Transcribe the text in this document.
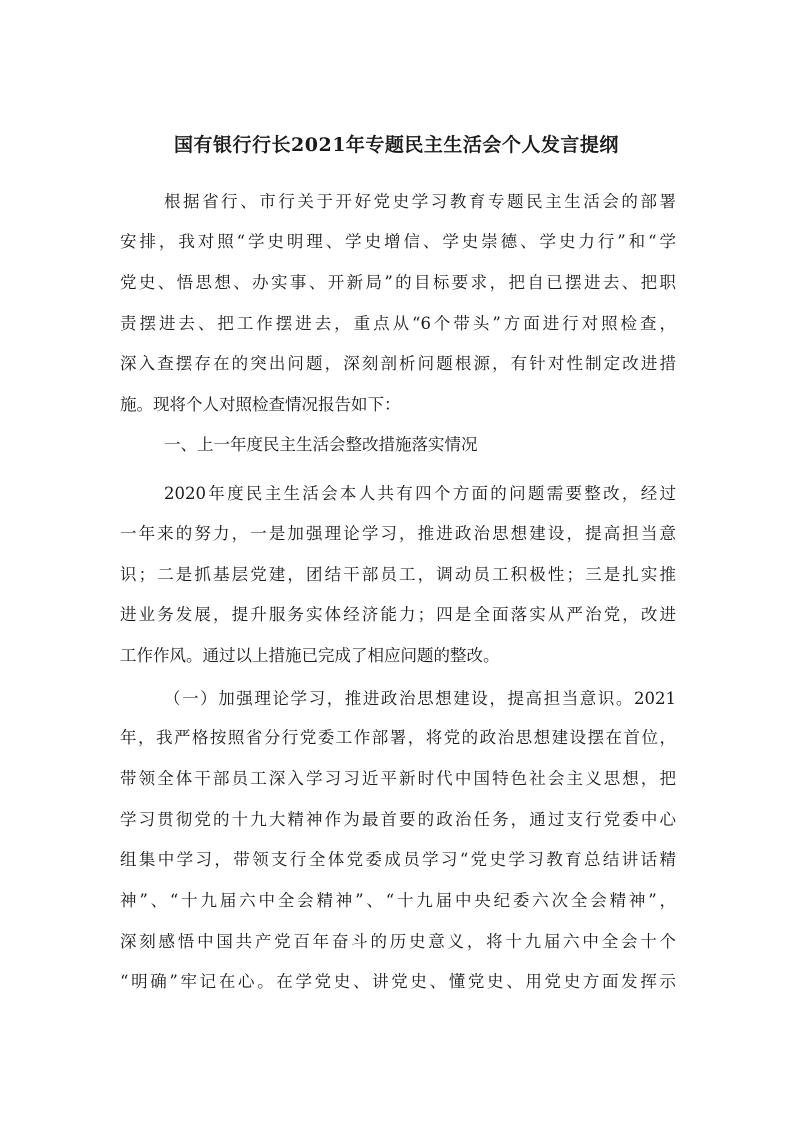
国有银行行长2021年专题民主生活会个人发言提纲
根据省行、市行关于开好党史学习教育专题民主生活会的部署
安排，我对照“学史明理、学史增信、学史崇德、学史力行”和“学
党史、悟思想、办实事、开新局”的目标要求，把自已摆进去、把职
责摆进去、把工作摆进去，重点从“6个带头”方面进行对照检查，
深入查摆存在的突出问题，深刻剖析问题根源，有针对性制定改进措
施。现将个人对照检查情况报告如下：
一、上一年度民主生活会整改措施落实情况
2020年度民主生活会本人共有四个方面的问题需要整改，经过
一年来的努力，一是加强理论学习，推进政治思想建设，提高担当意
识；二是抓基层党建，团结干部员工，调动员工积极性；三是扎实推
进业务发展，提升服务实体经济能力；四是全面落实从严治党，改进
工作作风。通过以上措施已完成了相应问题的整改。
（一）加强理论学习，推进政治思想建设，提高担当意识。2021
年，我严格按照省分行党委工作部署，将党的政治思想建设摆在首位，
带领全体干部员工深入学习习近平新时代中国特色社会主义思想，把
学习贯彻党的十九大精神作为最首要的政治任务，通过支行党委中心
组集中学习，带领支行全体党委成员学习“党史学习教育总结讲话精
神”、“十九届六中全会精神”、“十九届中央纪委六次全会精神”，
深刻感悟中国共产党百年奋斗的历史意义，将十九届六中全会十个
“明确”牢记在心。在学党史、讲党史、懂党史、用党史方面发挥示
